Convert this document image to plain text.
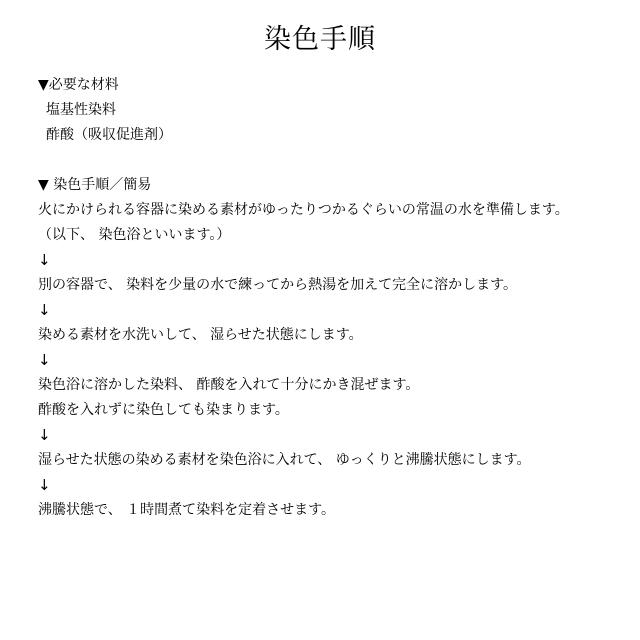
染色手順
▼必要な材料
塩基性染料
酢酸（吸収促進剤）
▼ 染色手順／簡易
火にかけられる容器に染める素材がゆったりつかるぐらいの常温の水を準備します。
（以下、 染色浴といいます。）
↓
別の容器で、 染料を少量の水で練ってから熱湯を加えて完全に溶かします。
↓
染める素材を水洗いして、 湿らせた状態にします。
↓
染色浴に溶かした染料、 酢酸を入れて十分にかき混ぜます。
酢酸を入れずに染色しても染まります。
↓
湿らせた状態の染める素材を染色浴に入れて、 ゆっくりと沸騰状態にします。
↓
沸騰状態で、 １時間煮て染料を定着させます。
